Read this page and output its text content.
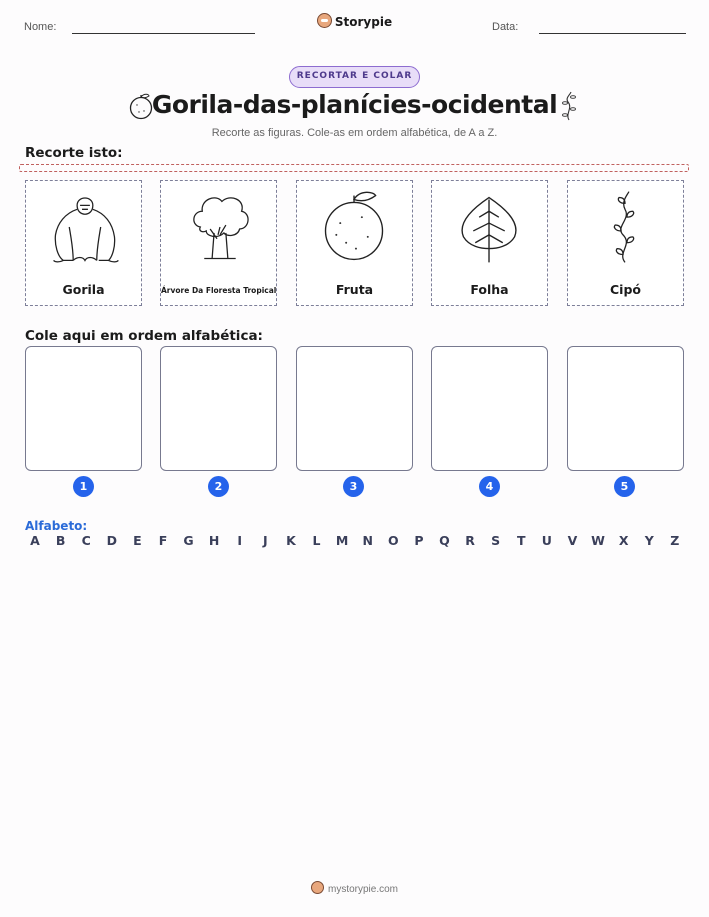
Nome:	Storypie	Data:
RECORTAR E COLAR
Gorila-das-planícies-ocidental
Recorte as figuras. Cole-as em ordem alfabética, de A a Z.
Recorte isto:
Gorila	Árvore Da Floresta Tropical	Fruta	Folha	Cipó
Cole aqui em ordem alfabética:
1	2	3	4	5
Alfabeto:
A	B	C	D	E	F	G	H	I	J	K	L	M	N	O	P	Q	R	S	T	U	V	W	X	Y	Z
mystorypie.com
